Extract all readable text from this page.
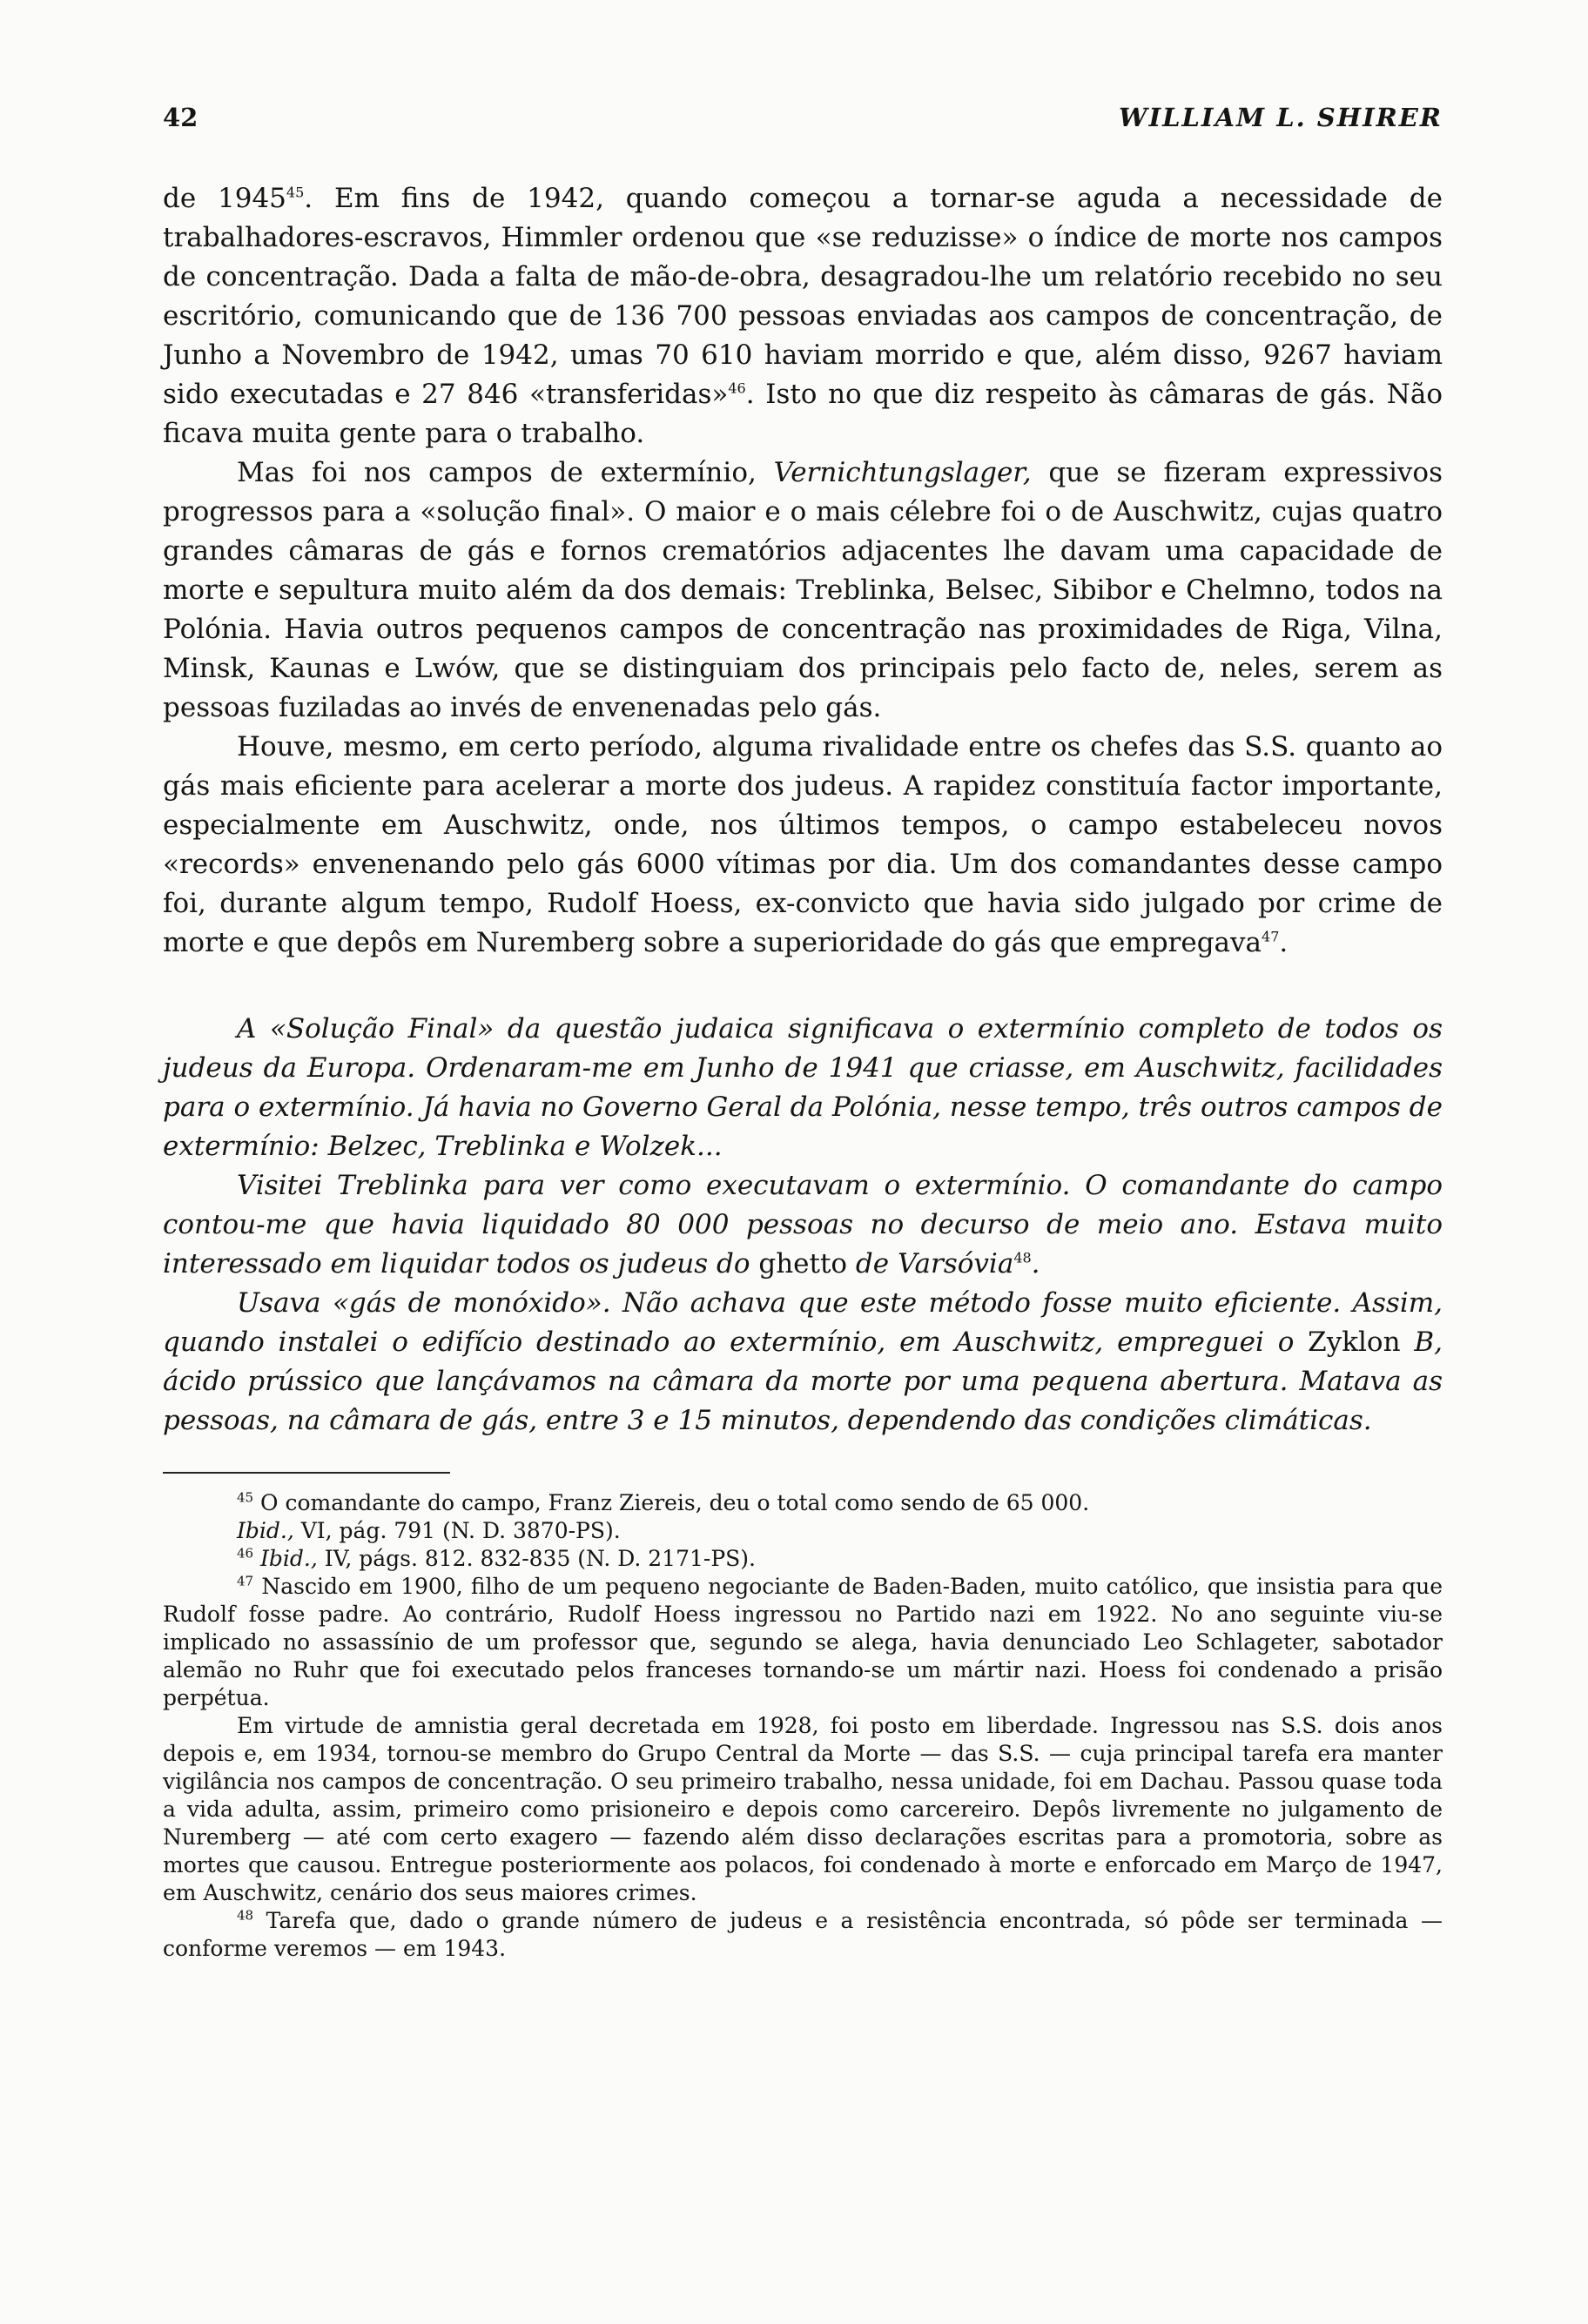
42	WILLIAM L. SHIRER

de 1945$^{45}$. Em fins de 1942, quando começou a tornar-se aguda a necessidade de trabalhadores-escravos, Himmler ordenou que «se reduzisse» o índice de morte nos campos de concentração. Dada a falta de mão-de-obra, desagradou-lhe um relatório recebido no seu escritório, comunicando que de 136 700 pessoas enviadas aos campos de concentração, de Junho a Novembro de 1942, umas 70 610 haviam morrido e que, além disso, 9267 haviam sido executadas e 27 846 «transferidas»$^{46}$. Isto no que diz respeito às câmaras de gás. Não ficava muita gente para o trabalho.

Mas foi nos campos de extermínio, Vernichtungslager, que se fizeram expressivos progressos para a «solução final». O maior e o mais célebre foi o de Auschwitz, cujas quatro grandes câmaras de gás e fornos crematórios adjacentes lhe davam uma capacidade de morte e sepultura muito além da dos demais: Treblinka, Belsec, Sibibor e Chelmno, todos na Polónia. Havia outros pequenos campos de concentração nas proximidades de Riga, Vilna, Minsk, Kaunas e Lwów, que se distinguiam dos principais pelo facto de, neles, serem as pessoas fuziladas ao invés de envenenadas pelo gás.

Houve, mesmo, em certo período, alguma rivalidade entre os chefes das S.S. quanto ao gás mais eficiente para acelerar a morte dos judeus. A rapidez constituía factor importante, especialmente em Auschwitz, onde, nos últimos tempos, o campo estabeleceu novos «records» envenenando pelo gás 6000 vítimas por dia. Um dos comandantes desse campo foi, durante algum tempo, Rudolf Hoess, ex-convicto que havia sido julgado por crime de morte e que depôs em Nuremberg sobre a superioridade do gás que empregava$^{47}$.

A «Solução Final» da questão judaica significava o extermínio completo de todos os judeus da Europa. Ordenaram-me em Junho de 1941 que criasse, em Auschwitz, facilidades para o extermínio. Já havia no Governo Geral da Polónia, nesse tempo, três outros campos de extermínio: Belzec, Treblinka e Wolzek...

Visitei Treblinka para ver como executavam o extermínio. O comandante do campo contou-me que havia liquidado 80 000 pessoas no decurso de meio ano. Estava muito interessado em liquidar todos os judeus do ghetto de Varsóvia$^{48}$.

Usava «gás de monóxido». Não achava que este método fosse muito eficiente. Assim, quando instalei o edifício destinado ao extermínio, em Auschwitz, empreguei o Zyklon B, ácido prússico que lançávamos na câmara da morte por uma pequena abertura. Matava as pessoas, na câmara de gás, entre 3 e 15 minutos, dependendo das condições climáticas.

$^{45}$ O comandante do campo, Franz Ziereis, deu o total como sendo de 65 000.

Ibid., VI, pág. 791 (N. D. 3870-PS).

$^{46}$ Ibid., IV, págs. 812. 832-835 (N. D. 2171-PS).

$^{47}$ Nascido em 1900, filho de um pequeno negociante de Baden-Baden, muito católico, que insistia para que Rudolf fosse padre. Ao contrário, Rudolf Hoess ingressou no Partido nazi em 1922. No ano seguinte viu-se implicado no assassínio de um professor que, segundo se alega, havia denunciado Leo Schlageter, sabotador alemão no Ruhr que foi executado pelos franceses tornando-se um mártir nazi. Hoess foi condenado a prisão perpétua.

Em virtude de amnistia geral decretada em 1928, foi posto em liberdade. Ingressou nas S.S. dois anos depois e, em 1934, tornou-se membro do Grupo Central da Morte — das S.S. — cuja principal tarefa era manter vigilância nos campos de concentração. O seu primeiro trabalho, nessa unidade, foi em Dachau. Passou quase toda a vida adulta, assim, primeiro como prisioneiro e depois como carcereiro. Depôs livremente no julgamento de Nuremberg — até com certo exagero — fazendo além disso declarações escritas para a promotoria, sobre as mortes que causou. Entregue posteriormente aos polacos, foi condenado à morte e enforcado em Março de 1947, em Auschwitz, cenário dos seus maiores crimes.

$^{48}$ Tarefa que, dado o grande número de judeus e a resistência encontrada, só pôde ser terminada — conforme veremos — em 1943.
